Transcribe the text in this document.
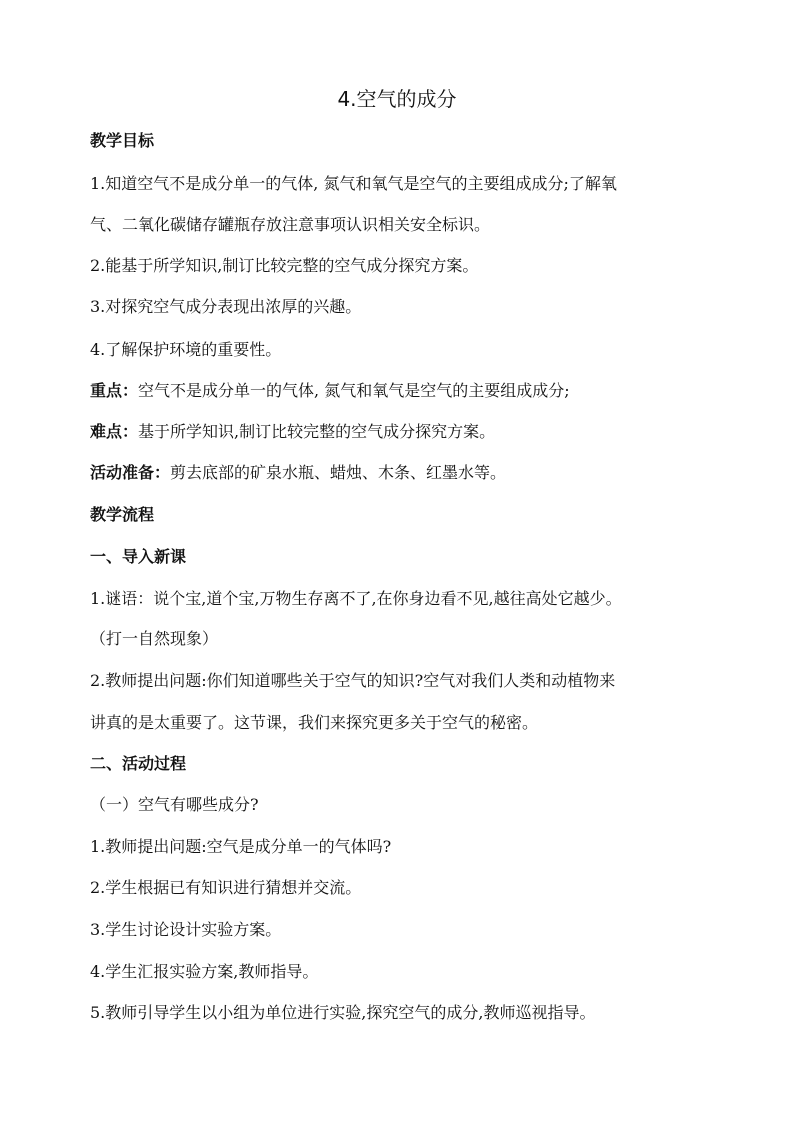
4.空气的成分
教学目标
1.知道空气不是成分单一的气体, 氮气和氧气是空气的主要组成成分;了解氧
气、二氧化碳储存罐瓶存放注意事项认识相关安全标识。
2.能基于所学知识,制订比较完整的空气成分探究方案。
3.对探究空气成分表现出浓厚的兴趣。
4.了解保护环境的重要性。
重点：空气不是成分单一的气体, 氮气和氧气是空气的主要组成成分;
难点：基于所学知识,制订比较完整的空气成分探究方案。
活动准备：剪去底部的矿泉水瓶、蜡烛、木条、红墨水等。
教学流程
一、导入新课
1.谜语：说个宝,道个宝,万物生存离不了,在你身边看不见,越往高处它越少。
（打一自然现象）
2.教师提出问题:你们知道哪些关于空气的知识?空气对我们人类和动植物来
讲真的是太重要了。这节课，我们来探究更多关于空气的秘密。
二、活动过程
（一）空气有哪些成分?
1.教师提出问题:空气是成分单一的气体吗?
2.学生根据已有知识进行猜想并交流。
3.学生讨论设计实验方案。
4.学生汇报实验方案,教师指导。
5.教师引导学生以小组为单位进行实验,探究空气的成分,教师巡视指导。
